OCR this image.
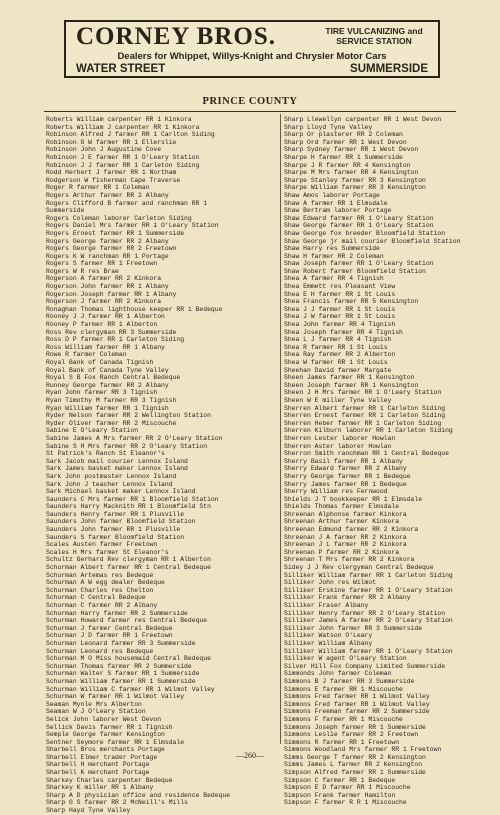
CORNEY BROS.	TIRE VULCANIZING and
SERVICE STATION
Dealers for Whippet, Willys-Knight and Chrysler Motor Cars
WATER STREET	SUMMERSIDE
PRINCE COUNTY
Roberts William carpenter RR 1 Kinkora
Roberts William J carpenter RR 1 Kinkora
Robinson Alfred J farmer RR 1 Carlton Siding
Robinson G W farmer RR 1 Ellerslie
Robinson John J Augustine Cove
Robinson J E farmer RR 1 O'Leary Station
Robinson J J farmer RR 1 Carleton Siding
Rodd Herbert J farmer RR 1 Northam
Rodgerson W fisherman Cape Traverse
Roger R farmer RR 1 Coleman
Rogers Arthur farmer RR 2 Albany
Rogers Clifford B farmer and ranchman RR 1
Summerside
Rogers Coleman laborer Carleton Siding
Rogers Daniel Mrs farmer RR 1 O'Leary Station
Rogers Ernest farmer RR 1 Summerside
Rogers George farmer RR 2 Albany
Rogers George farmer RR 2 Freetown
Rogers K W ranchman RR 1 Portage
Rogers S farmer RR 1 Freetown
Rogers W R res Brae
Rogerson A farmer RR 2 Kinkora
Rogerson John farmer RR 1 Albany
Rogerson Joseph farmer RR 1 Albany
Rogerson J farmer RR 2 Kinkora
Ronaghan Thomas lighthouse keeper RR 1 Bedeque
Rooney J J farmer RR 1 Alberton
Rooney P farmer RR 1 Alberton
Ross Rev clergyman RR 3 Summerside
Ross D P farmer RR 1 Carleton Siding
Ross William farmer RR 1 Albany
Rowe R farmer Coleman
Royal Bank of Canada Tignish
Royal Bank of Canada Tyne Valley
Royal S B Fox Ranch Central Bedeque
Runney George farmer RR 2 Albany
Ryan John farmer RR 3 Tignish
Ryan Timothy M farmer RR 3 Tignish
Ryan William farmer RR 1 Tignish
Ryder Nelson farmer RR 2 Wellington Station
Ryder Oliver farmer RR 2 Miscouche
Sabine E O'Leary Station
Sabine James A Mrs farmer RR 2 O'Leary Station
Sabine S H Mrs farmer RR 2 O'Leary Station
St Patrick's Ranch St Eleanor's
Sark Jacob mail courier Lennox Island
Sark James basket maker Lennox Island
Sark John postmaster Lennox Island
Sark John J teacher Lennox Island
Sark Michael basket maker Lennox Island
Saunders C Mrs farmer RR 1 Bloomfield Station
Saunders Harry Macknith RR 1 Bloomfield Stn
Saunders Henry farmer RR 1 Plusville
Saunders John farmer Bloomfield Station
Saunders John farmer RR 1 Plusville
Saunders S farmer Bloomfield Station
Scales Austen farmer Freetown
Scales H Mrs farmer St Eleanor's
Schultz Gerhard Rev clergyman RR 1 Alberton
Schurman Albert farmer RR 1 Central Bedeque
Schurman Artemas res Bedeque
Schurman A W egg dealer Bedeque
Schurman Charles res Chelton
Schurman C Central Bedeque
Schurman C farmer RR 2 Albany
Schurman Harry farmer RR 2 Summerside
Schurman Howard farmer res Central Bedeque
Schurman J farmer Central Bedeque
Schurman J D farmer RR 1 Freetown
Schurman Leonard farmer RR 3 Summerside
Schurman Leonard res Bedeque
Schurman M O Miss housemaid Central Bedeque
Schurman Thomas farmer RR 2 Summerside
Schurman Walter S farmer RR 1 Summerside
Schurman William farmer RR 1 Summerside
Schurman William C farmer RR 1 Wilmot Valley
Schurman W farmer RR 1 Wilmot Valley
Seaman Mynle Mrs Alberton
Seaman W J O'Leary Station
Selick John laborer West Devon
Sellick Davis farmer RR 1 Tignish
Semple George farmer Kensington
Sentner Seymore farmer RR 1 Elmsdale
Sharbell Bros merchants Portage
Sharbell Elmer trader Portage
Sharbell H merchant Portage
Sharbell K merchant Portage
Sharkey Charles carpenter Bedeque
Sharkey K miller RR 1 Albany
Sharp A D physician office and residence Bedeque
Sharp G S farmer RR 2 McNeill's Mills
Sharp Hayd Tyne Valley
Sharp Llewellyn carpenter RR 1 West Devon
Sharp Lloyd Tyne Valley
Sharp Or plasterer RR 2 Coleman
Sharp Ord farmer RR 1 West Devon
Sharp Sydney farmer RR 1 West Devon
Sharpe H farmer RR 1 Summerside
Sharpe J R farmer RR 4 Kensington
Sharpe M Mrs farmer RR 4 Kensington
Sharpe Stanley farmer RR 3 Kensington
Sharpe William farmer RR 3 Kensington
Shaw Amos laborer Portage
Shaw A farmer RR 1 Elmsdale
Shaw Bertram laborer Portage
Shaw Edward farmer RR 1 O'Leary Station
Shaw George farmer RR 1 O'Leary Station
Shaw George fox breeder Bloomfield Station
Shaw George jr mail courier Bloomfield Station
Shaw Harry res Summerside
Shaw H farmer RR 2 Coleman
Shaw Joseph farmer RR 1 O'Leary Station
Shaw Robert farmer Bloomfield Station
Shea A farmer RR 4 Tignish
Shea Emmett res Pleasant View
Shea E H farmer RR 1 St Louis
Shea Francis farmer RR 5 Kensington
Shea J J farmer RR 1 St Louis
Shea J W farmer RR 1 St Louis
Shea John farmer RR 4 Tignish
Shea Joseph farmer RR 4 Tignish
Shea L J farmer RR 4 Tignish
Shea R farmer RR 1 St Louis
Shea Ray farmer RR 2 Alberton
Shea W farmer RR 1 St Louis
Sheehan David farmer Margate
Sheen James farmer RR 1 Kensington
Sheen Joseph farmer RR 1 Kensington
Sheen J H Mrs farmer RR 1 O'Leary Station
Sheen W E miller Tyne Valley
Sherren Albert farmer RR 1 Carleton Siding
Sherren Ernest farmer RR 1 Carleton Siding
Sherren Heber farmer RR 1 Carleton Siding
Sherren Kilburn laborer RR 1 Carleton Siding
Sherren Lester laborer Howlan
Sherren Aster laborer Howlan
Sherron Smith ranchman RR 1 Central Bedeque
Sherry Basil farmer RR 1 Albany
Sherry Edward farmer RR 2 Albany
Sherry George farmer RR 1 Bedeque
Sherry James farmer RR 1 Bedeque
Sherry William res Fernwood
Shields J T bookkeeper RR 1 Elmsdale
Shields Thomas farmer Elmsdale
Shreenan Alphonse farmer Kinkora
Shreenan Arthur farmer Kinkora
Shreenan Edmund farmer RR 2 Kinkora
Shreenan J A farmer RR 2 Kinkora
Shreenan J L farmer RR 2 Kinkora
Shreenan P farmer RR 2 Kinkora
Shreenan T Mrs farmer RR 2 Kinkora
Sidey J J Rev clergyman Central Bedeque
Silliker William farmer RR 1 Carleton Siding
Silliker John res Wilmot
Silliker Erskine farmer RR 1 O'Leary Station
Silliker Frank farmer RR 2 Albany
Silliker Fraser Albany
Silliker Henry farmer RR 2 O'Leary Station
Silliker James A farmer RR 2 O'Leary Station
Silliker John farmer RR 3 Summerside
Silliker Watson O'Leary
Silliker William Albany
Silliker William farmer RR 1 O'Leary Station
Silliker W agent O'Leary Station
Silver Hill Fox Company Limited Summerside
Simmonds John farmer Coleman
Simmons B J farmer RR 3 Summerside
Simmons E farmer RR 1 Miscouche
Simmons Fred farmer RR 1 Wilmot Valley
Simmons Fred farmer RR 1 Wilmot Valley
Simmons Freeman farmer RR 2 Summerside
Simmons F farmer RR 1 Miscouche
Simmons Joseph farmer RR 1 Summerside
Simmons Leslie farmer RR 2 Freetown
Simmons R farmer RR 1 Freetown
Simmons Woodland Mrs farmer RR 1 Freetown
Simms George T farmer RR 2 Kensington
Simms James L farmer RR 2 Kensington
Simpson Alfred farmer RR 1 Summerside
Simpson C farmer RR 1 Bedeque
Simpson E D farmer RR 1 Miscouche
Simpson Frank farmer Hamilton
Simpson F farmer R R 1 Miscouche
—260—
